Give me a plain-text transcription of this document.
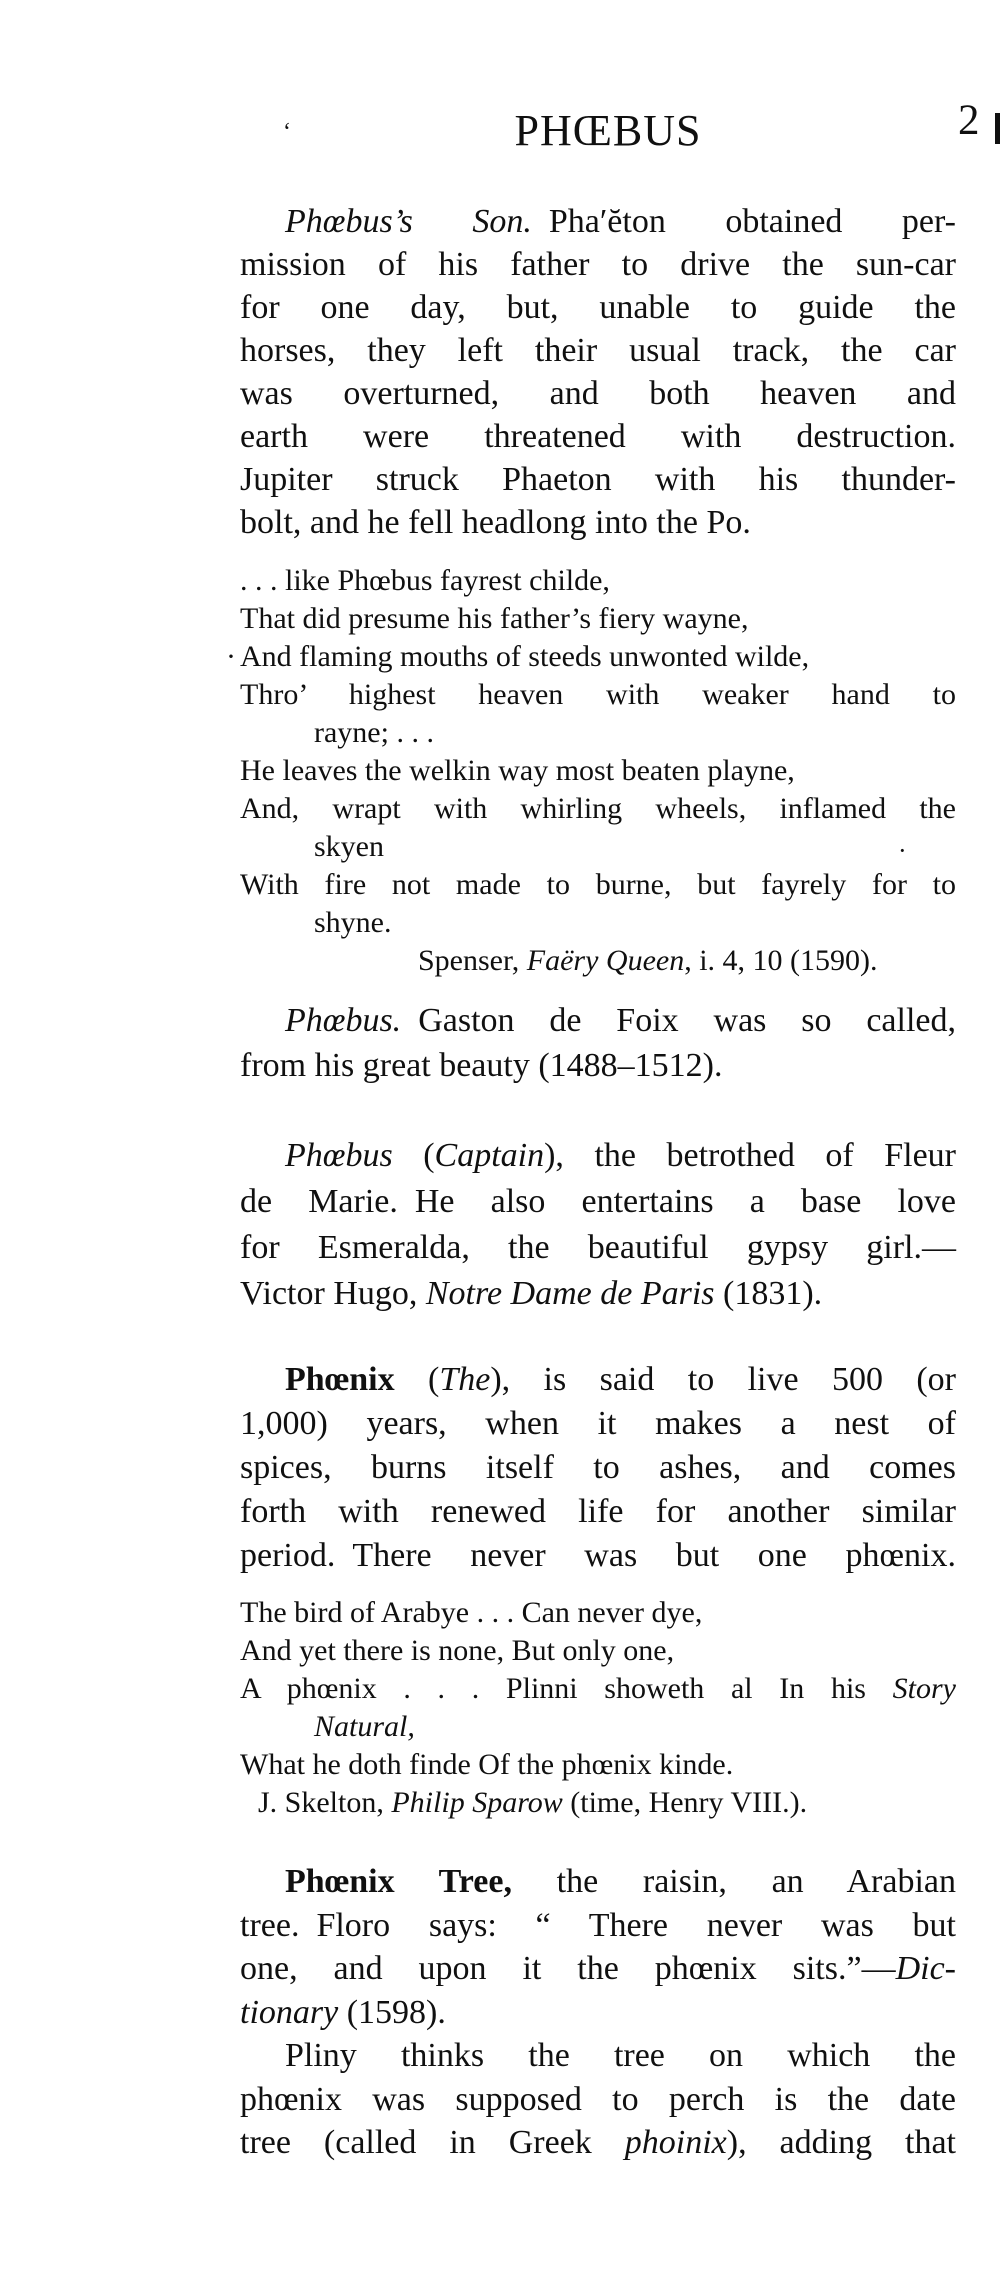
PHŒBUS	2
Phœbus’s Son. Pha′ĕton obtained per-
mission of his father to drive the sun-car
for one day, but, unable to guide the
horses, they left their usual track, the car
was overturned, and both heaven and
earth were threatened with destruction.
Jupiter struck Phaeton with his thunder-
bolt, and he fell headlong into the Po.
. . . like Phœbus fayrest childe,
That did presume his father’s fiery wayne,
And flaming mouths of steeds unwonted wilde,
Thro’ highest heaven with weaker hand to
rayne; . . .
He leaves the welkin way most beaten playne,
And, wrapt with whirling wheels, inflamed the
skyen
With fire not made to burne, but fayrely for to
shyne.
Spenser, Faëry Queen, i. 4, 10 (1590).
Phœbus. Gaston de Foix was so called,
from his great beauty (1488–1512).
Phœbus (Captain), the betrothed of Fleur
de Marie. He also entertains a base love
for Esmeralda, the beautiful gypsy girl.—
Victor Hugo, Notre Dame de Paris (1831).
Phœnix (The), is said to live 500 (or
1,000) years, when it makes a nest of
spices, burns itself to ashes, and comes
forth with renewed life for another similar
period. There never was but one phœnix.
The bird of Arabye . . . Can never dye,
And yet there is none, But only one,
A phœnix . . . Plinni showeth al In his Story
Natural,
What he doth finde Of the phœnix kinde.
J. Skelton, Philip Sparow (time, Henry VIII.).
Phœnix Tree, the raisin, an Arabian
tree. Floro says: “ There never was but
one, and upon it the phœnix sits.”—Dic-
tionary (1598).
Pliny thinks the tree on which the
phœnix was supposed to perch is the date
tree (called in Greek phoinix), adding that
ʻ
·
·
